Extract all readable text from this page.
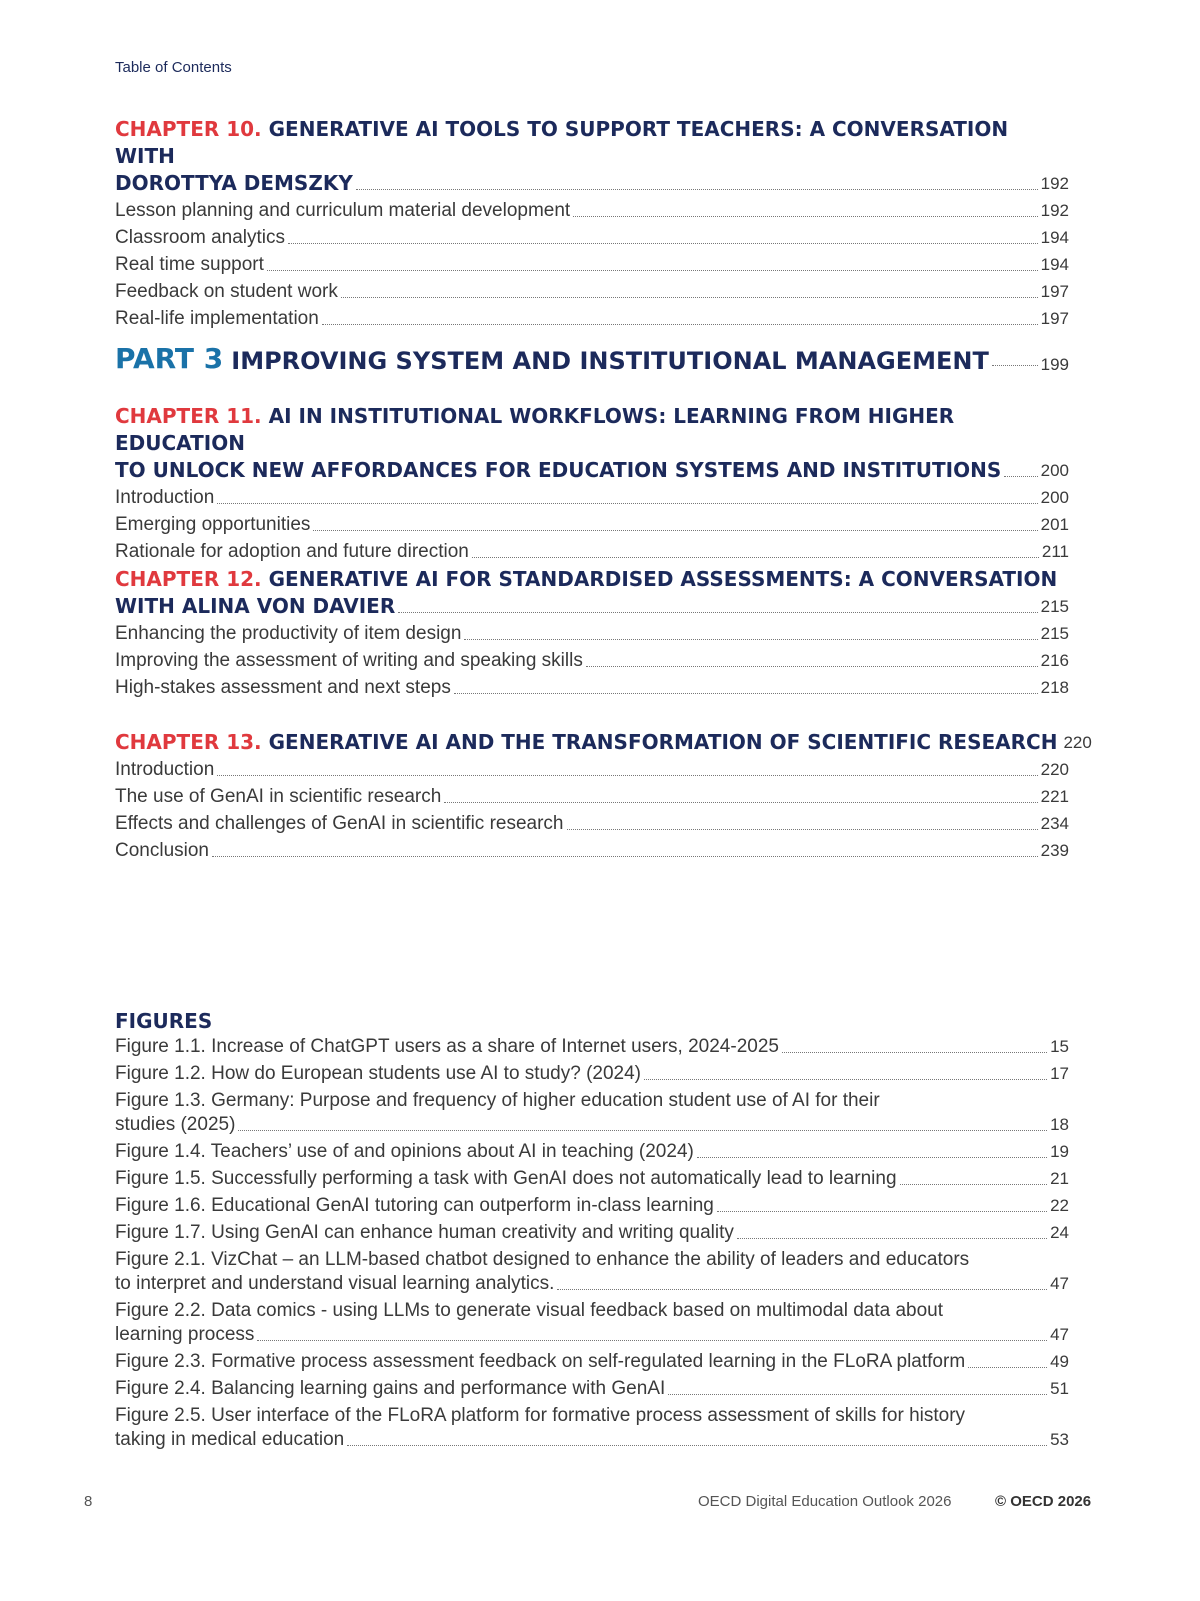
Table of Contents
CHAPTER 10. GENERATIVE AI TOOLS TO SUPPORT TEACHERS: A CONVERSATION WITH
DOROTTYA DEMSZKY	192
Lesson planning and curriculum material development	192
Classroom analytics	194
Real time support	194
Feedback on student work	197
Real-life implementation	197
PART 3 IMPROVING SYSTEM AND INSTITUTIONAL MANAGEMENT	199
CHAPTER 11. AI IN INSTITUTIONAL WORKFLOWS: LEARNING FROM HIGHER EDUCATION
TO UNLOCK NEW AFFORDANCES FOR EDUCATION SYSTEMS AND INSTITUTIONS 200
Introduction	200
Emerging opportunities	201
Rationale for adoption and future direction	211
CHAPTER 12. GENERATIVE AI FOR STANDARDISED ASSESSMENTS: A CONVERSATION
WITH ALINA VON DAVIER	215
Enhancing the productivity of item design	215
Improving the assessment of writing and speaking skills	216
High-stakes assessment and next steps	218
CHAPTER 13. GENERATIVE AI AND THE TRANSFORMATION OF SCIENTIFIC RESEARCH 220
Introduction	220
The use of GenAI in scientific research	221
Effects and challenges of GenAI in scientific research	234
Conclusion	239
FIGURES
Figure 1.1. Increase of ChatGPT users as a share of Internet users, 2024-2025	15
Figure 1.2. How do European students use AI to study? (2024)	17
Figure 1.3. Germany: Purpose and frequency of higher education student use of AI for their
studies (2025)	18
Figure 1.4. Teachers’ use of and opinions about AI in teaching (2024)	19
Figure 1.5. Successfully performing a task with GenAI does not automatically lead to learning	21
Figure 1.6. Educational GenAI tutoring can outperform in-class learning	22
Figure 1.7. Using GenAI can enhance human creativity and writing quality	24
Figure 2.1. VizChat – an LLM-based chatbot designed to enhance the ability of leaders and educators
to interpret and understand visual learning analytics.	47
Figure 2.2. Data comics - using LLMs to generate visual feedback based on multimodal data about
learning process	47
Figure 2.3. Formative process assessment feedback on self-regulated learning in the FLoRA platform	49
Figure 2.4. Balancing learning gains and performance with GenAI	51
Figure 2.5. User interface of the FLoRA platform for formative process assessment of skills for history
taking in medical education	53
8	OECD Digital Education Outlook 2026	© OECD 2026
